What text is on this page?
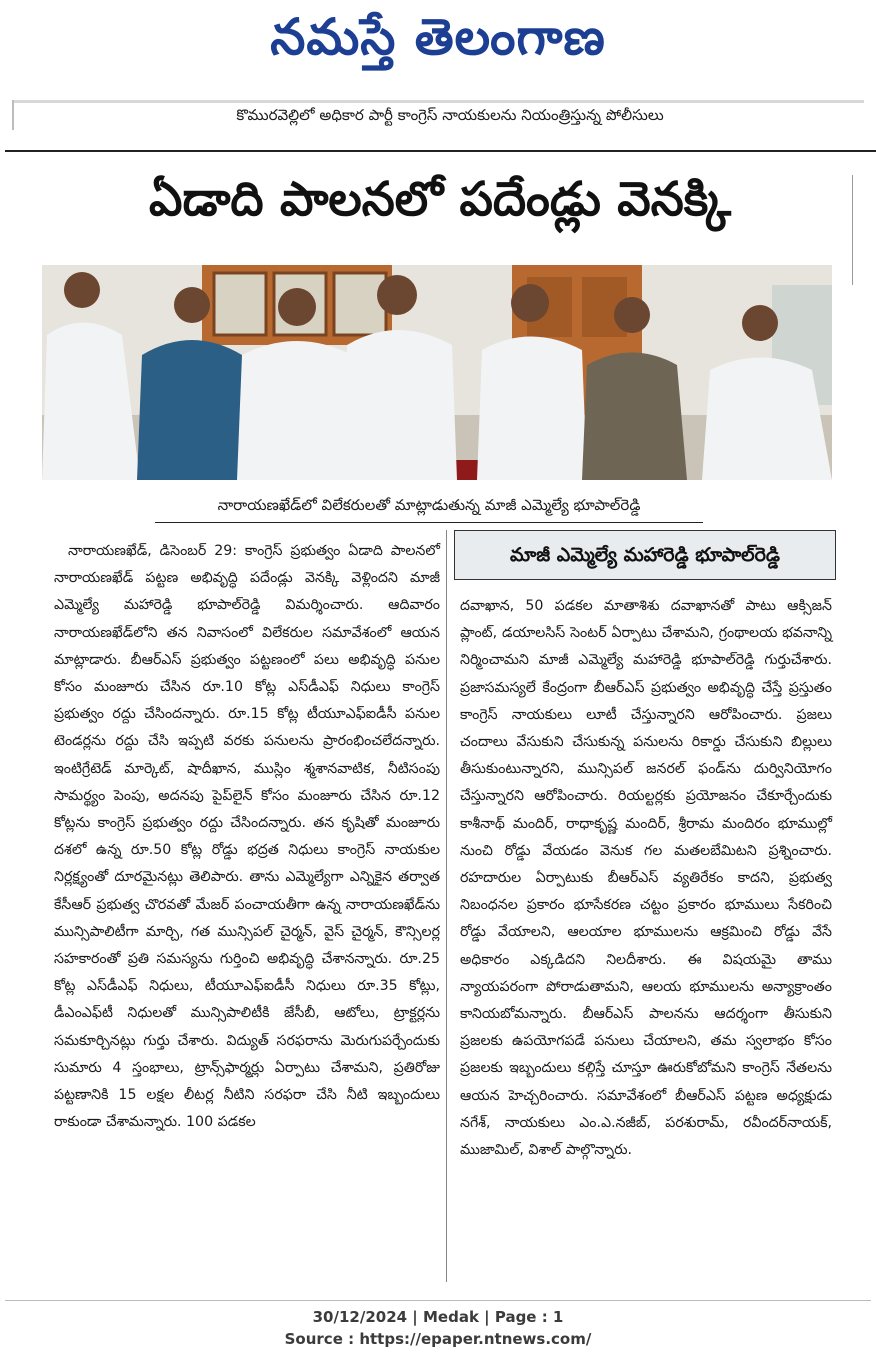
నమస్తే తెలంగాణ
కొమురవెల్లిలో అధికార పార్టీ కాంగ్రెస్ నాయకులను నియంత్రిస్తున్న పోలీసులు
ఏడాది పాలనలో పదేండ్లు వెనక్కి
నారాయణఖేడ్‌లో విలేకరులతో మాట్లాడుతున్న మాజీ ఎమ్మెల్యే భూపాల్‌రెడ్డి
మాజీ ఎమ్మెల్యే మహారెడ్డి భూపాల్‌రెడ్డి
నారాయణఖేడ్, డిసెంబర్ 29: కాంగ్రెస్ ప్రభుత్వం ఏడాది పాలనలో నారాయణఖేడ్ పట్టణ అభివృద్ధి పదేండ్లు వెనక్కి వెళ్లిందని మాజీ ఎమ్మెల్యే మహారెడ్డి భూపాల్‌రెడ్డి విమర్శించారు. ఆదివారం నారాయణఖేడ్‌లోని తన నివాసంలో విలేకరుల సమావేశంలో ఆయన మాట్లాడారు. బీఆర్‌ఎస్ ప్రభుత్వం పట్టణంలో పలు అభివృద్ధి పనుల కోసం మంజూరు చేసిన రూ.10 కోట్ల ఎస్‌డీఎఫ్ నిధులు కాంగ్రెస్ ప్రభుత్వం రద్దు చేసిందన్నారు. రూ.15 కోట్ల టీయూఎఫ్‌ఐడీసీ పనుల టెండర్లను రద్దు చేసి ఇప్పటి వరకు పనులను ప్రారంభించలేదన్నారు. ఇంటిగ్రేటెడ్ మార్కెట్, షాదీఖాన, ముస్లిం శ్మశానవాటిక, నీటిసంపు సామర్థ్యం పెంపు, అదనపు పైప్‌లైన్ కోసం మంజూరు చేసిన రూ.12 కోట్లను కాంగ్రెస్ ప్రభుత్వం రద్దు చేసిందన్నారు. తన కృషితో మంజూరు దశలో ఉన్న రూ.50 కోట్ల రోడ్డు భద్రత నిధులు కాంగ్రెస్ నాయకుల నిర్లక్ష్యంతో దూరమైనట్లు తెలిపారు. తాను ఎమ్మెల్యేగా ఎన్నికైన తర్వాత కేసీఆర్ ప్రభుత్వ చొరవతో మేజర్ పంచాయతీగా ఉన్న నారాయణఖేడ్‌ను మున్సిపాలిటీగా మార్చి, గత మున్సిపల్ చైర్మన్, వైస్ చైర్మన్, కౌన్సిలర్ల సహకారంతో ప్రతి సమస్యను గుర్తించి అభివృద్ధి చేశానన్నారు. రూ.25 కోట్ల ఎస్‌డీఎఫ్ నిధులు, టీయూఎఫ్‌ఐడీసీ నిధులు రూ.35 కోట్లు, డీఎంఎఫ్‌టీ నిధులతో మున్సిపాలిటీకి జేసీబీ, ఆటోలు, ట్రాక్టర్లను సమకూర్చినట్లు గుర్తు చేశారు. విద్యుత్ సరఫరాను మెరుగుపర్చేందుకు సుమారు 4 స్తంభాలు, ట్రాన్స్‌ఫార్మర్లు ఏర్పాటు చేశామని, ప్రతిరోజు పట్టణానికి 15 లక్షల లీటర్ల నీటిని సరఫరా చేసి నీటి ఇబ్బందులు రాకుండా చేశామన్నారు. 100 పడకల
దవాఖాన, 50 పడకల మాతాశిశు దవాఖానతో పాటు ఆక్సిజన్ ప్లాంట్, డయాలసిస్ సెంటర్ ఏర్పాటు చేశామని, గ్రంథాలయ భవనాన్ని నిర్మించామని మాజీ ఎమ్మెల్యే మహారెడ్డి భూపాల్‌రెడ్డి గుర్తుచేశారు. ప్రజాసమస్యలే కేంద్రంగా బీఆర్‌ఎస్ ప్రభుత్వం అభివృద్ధి చేస్తే ప్రస్తుతం కాంగ్రెస్ నాయకులు లూటీ చేస్తున్నారని ఆరోపించారు. ప్రజలు చందాలు వేసుకుని చేసుకున్న పనులను రికార్డు చేసుకుని బిల్లులు తీసుకుంటున్నారని, మున్సిపల్ జనరల్ ఫండ్‌ను దుర్వినియోగం చేస్తున్నారని ఆరోపించారు. రియల్టర్లకు ప్రయోజనం చేకూర్చేందుకు కాశీనాథ్ మందిర్, రాధాకృష్ణ మందిర్, శ్రీరామ మందిరం భూముల్లో నుంచి రోడ్డు వేయడం వెనుక గల మతలబేమిటని ప్రశ్నించారు. రహదారుల ఏర్పాటుకు బీఆర్‌ఎస్ వ్యతిరేకం కాదని, ప్రభుత్వ నిబంధనల ప్రకారం భూసేకరణ చట్టం ప్రకారం భూములు సేకరించి రోడ్డు వేయాలని, ఆలయాల భూములను ఆక్రమించి రోడ్డు వేసే అధికారం ఎక్కడిదని నిలదీశారు. ఈ విషయమై తాము న్యాయపరంగా పోరాడుతామని, ఆలయ భూములను అన్యాక్రాంతం కానియబోమన్నారు. బీఆర్‌ఎస్ పాలనను ఆదర్శంగా తీసుకుని ప్రజలకు ఉపయోగపడే పనులు చేయాలని, తమ స్వలాభం కోసం ప్రజలకు ఇబ్బందులు కల్గిస్తే చూస్తూ ఊరుకోబోమని కాంగ్రెస్ నేతలను ఆయన హెచ్చరించారు. సమావేశంలో బీఆర్‌ఎస్ పట్టణ అధ్యక్షుడు నగేశ్, నాయకులు ఎం.ఎ.నజీబ్, పరశురామ్, రవీందర్‌నాయక్, ముజామిల్, విశాల్ పాల్గొన్నారు.
30/12/2024 | Medak | Page : 1
Source : https://epaper.ntnews.com/
